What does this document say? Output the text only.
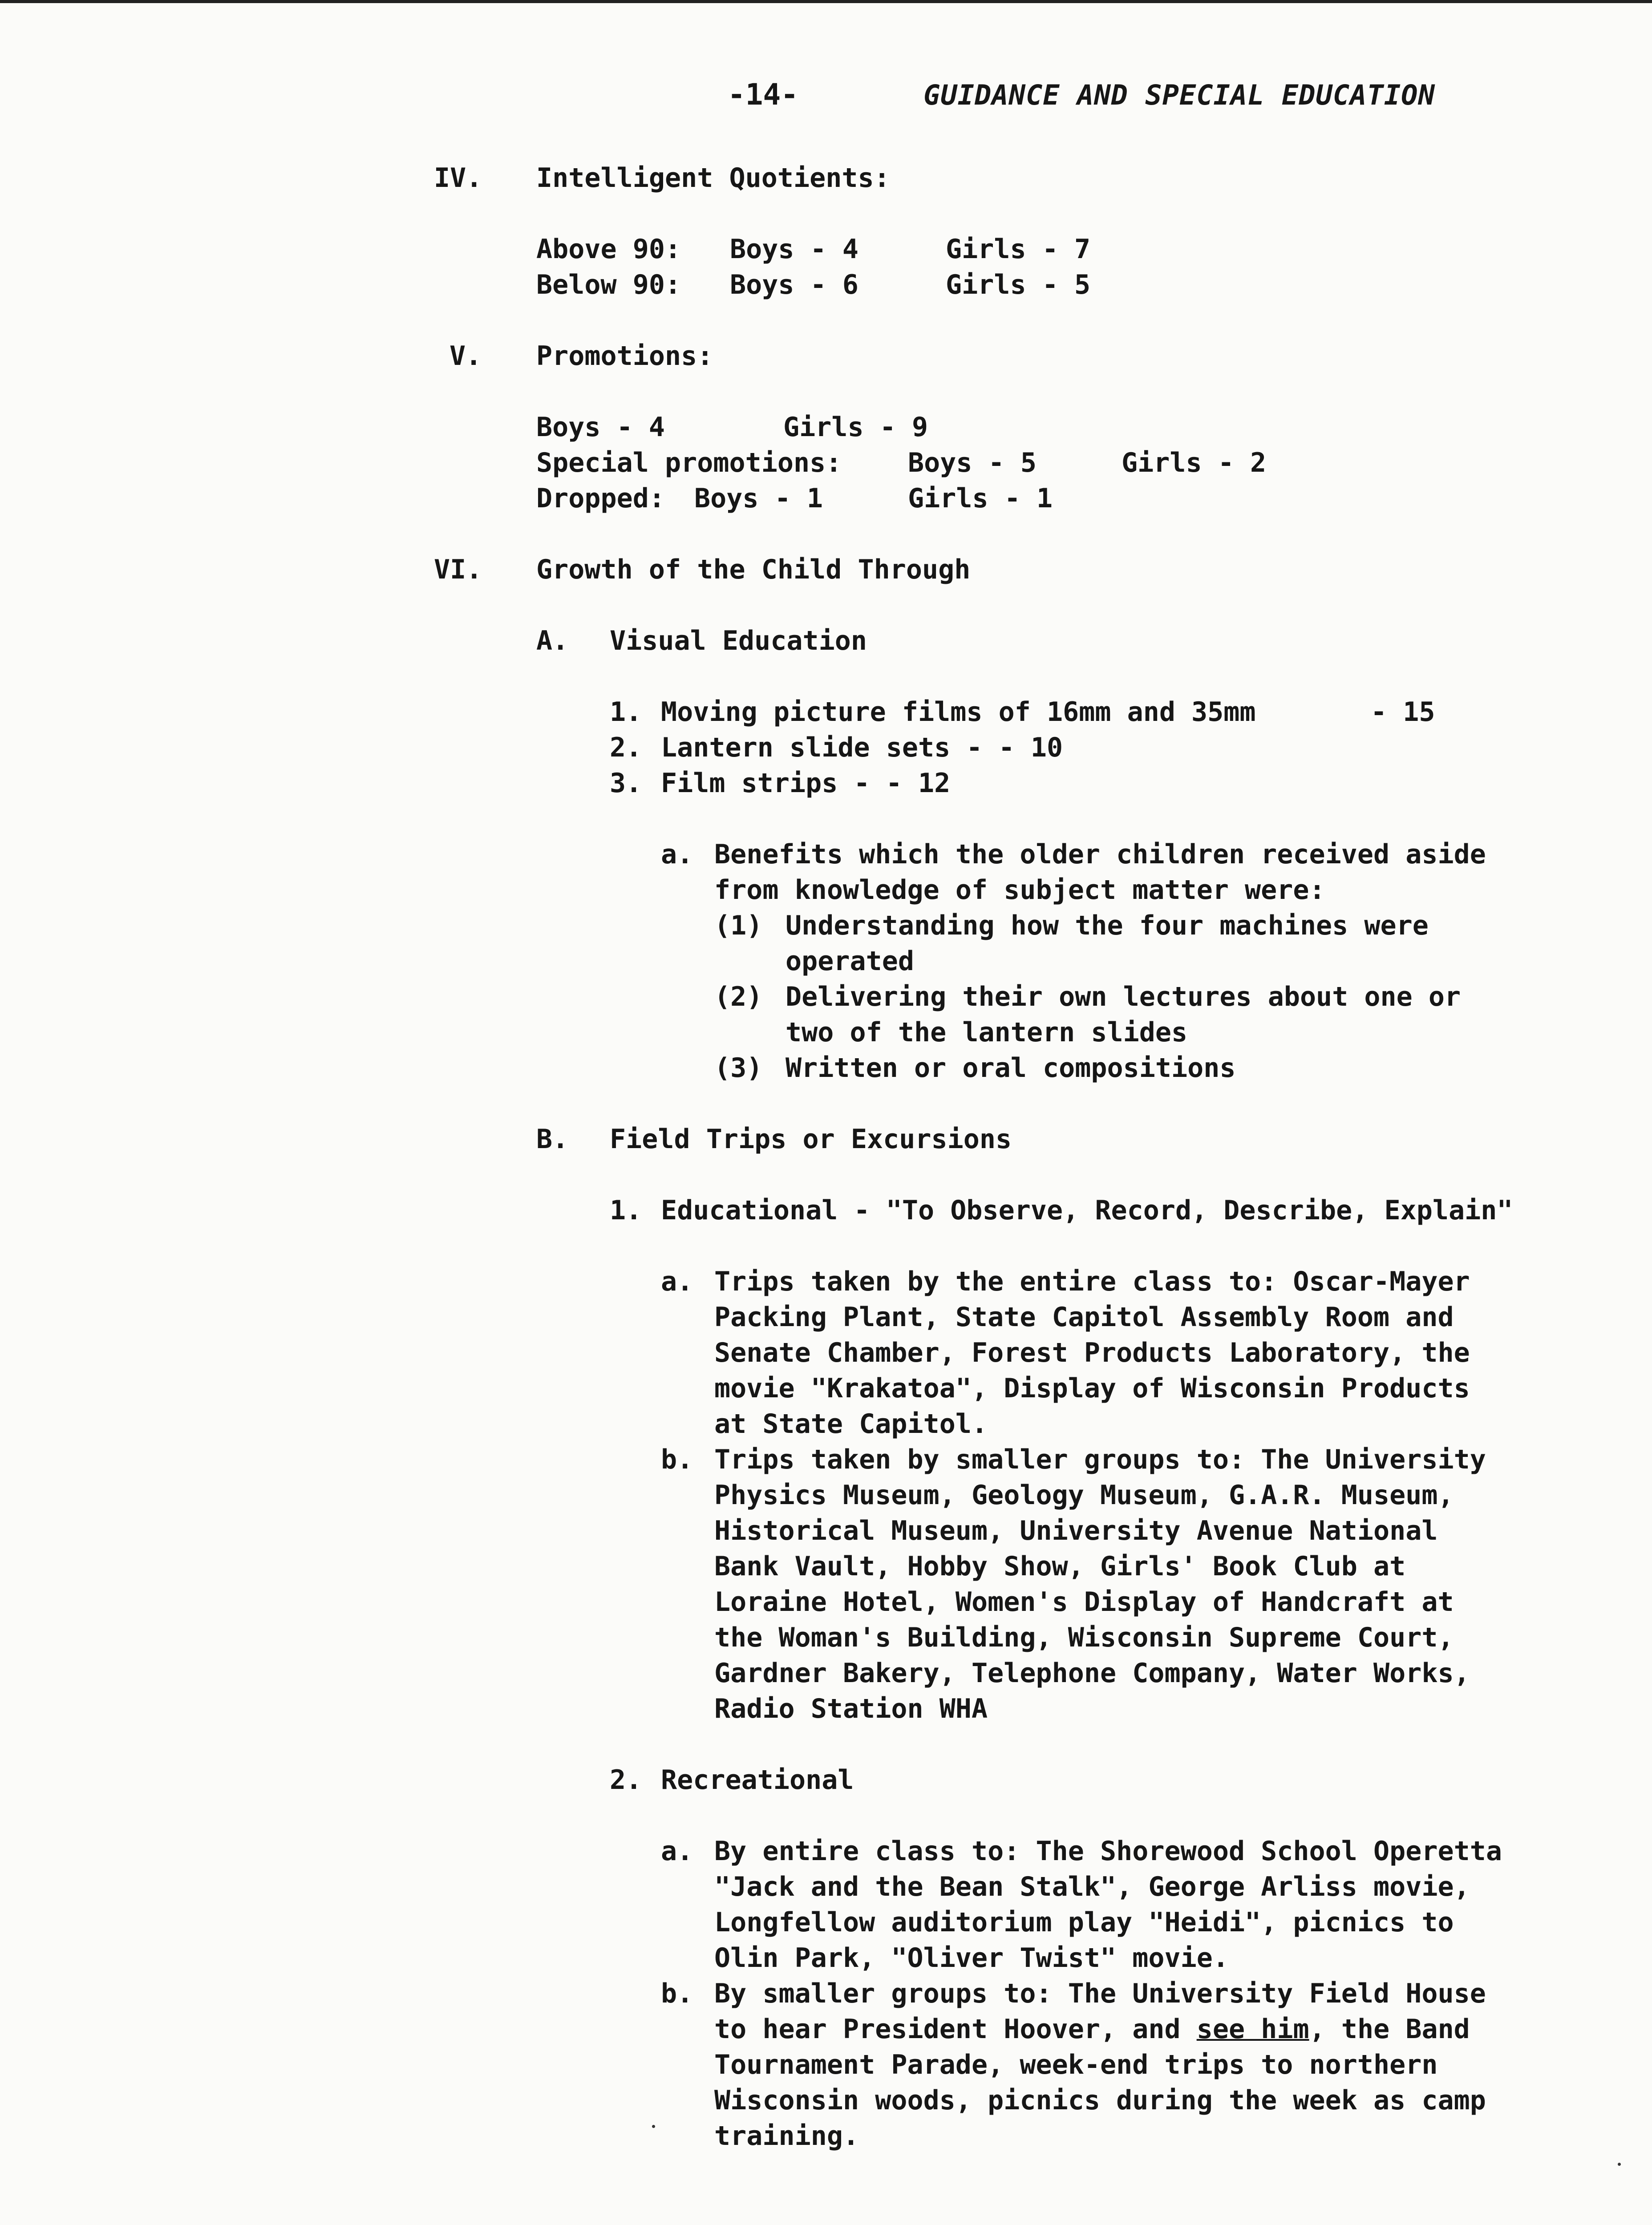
-14-	GUIDANCE AND SPECIAL EDUCATION
IV. Intelligent Quotients:
Above 90: Boys - 4	Girls - 7
Below 90: Boys - 6	Girls - 5
V. Promotions:
Boys - 4	Girls - 9
Special promotions: Boys - 5	Girls - 2
Dropped: Boys - 1	Girls - 1
VI. Growth of the Child Through
A. Visual Education
1. Moving picture films of 16mm and 35mm	- 15
2. Lantern slide sets - - 10
3. Film strips - - 12
a. Benefits which the older children received aside
from knowledge of subject matter were:
(1) Understanding how the four machines were
operated
(2) Delivering their own lectures about one or
two of the lantern slides
(3) Written or oral compositions
B. Field Trips or Excursions
1. Educational - "To Observe, Record, Describe, Explain"
a. Trips taken by the entire class to: Oscar-Mayer
Packing Plant, State Capitol Assembly Room and
Senate Chamber, Forest Products Laboratory, the
movie "Krakatoa", Display of Wisconsin Products
at State Capitol.
b. Trips taken by smaller groups to: The University
Physics Museum, Geology Museum, G.A.R. Museum,
Historical Museum, University Avenue National
Bank Vault, Hobby Show, Girls' Book Club at
Loraine Hotel, Women's Display of Handcraft at
the Woman's Building, Wisconsin Supreme Court,
Gardner Bakery, Telephone Company, Water Works,
Radio Station WHA
2. Recreational
a. By entire class to: The Shorewood School Operetta
"Jack and the Bean Stalk", George Arliss movie,
Longfellow auditorium play "Heidi", picnics to
Olin Park, "Oliver Twist" movie.
b. By smaller groups to: The University Field House
to hear President Hoover, and see him, the Band
Tournament Parade, week-end trips to northern
Wisconsin woods, picnics during the week as camp
training.
